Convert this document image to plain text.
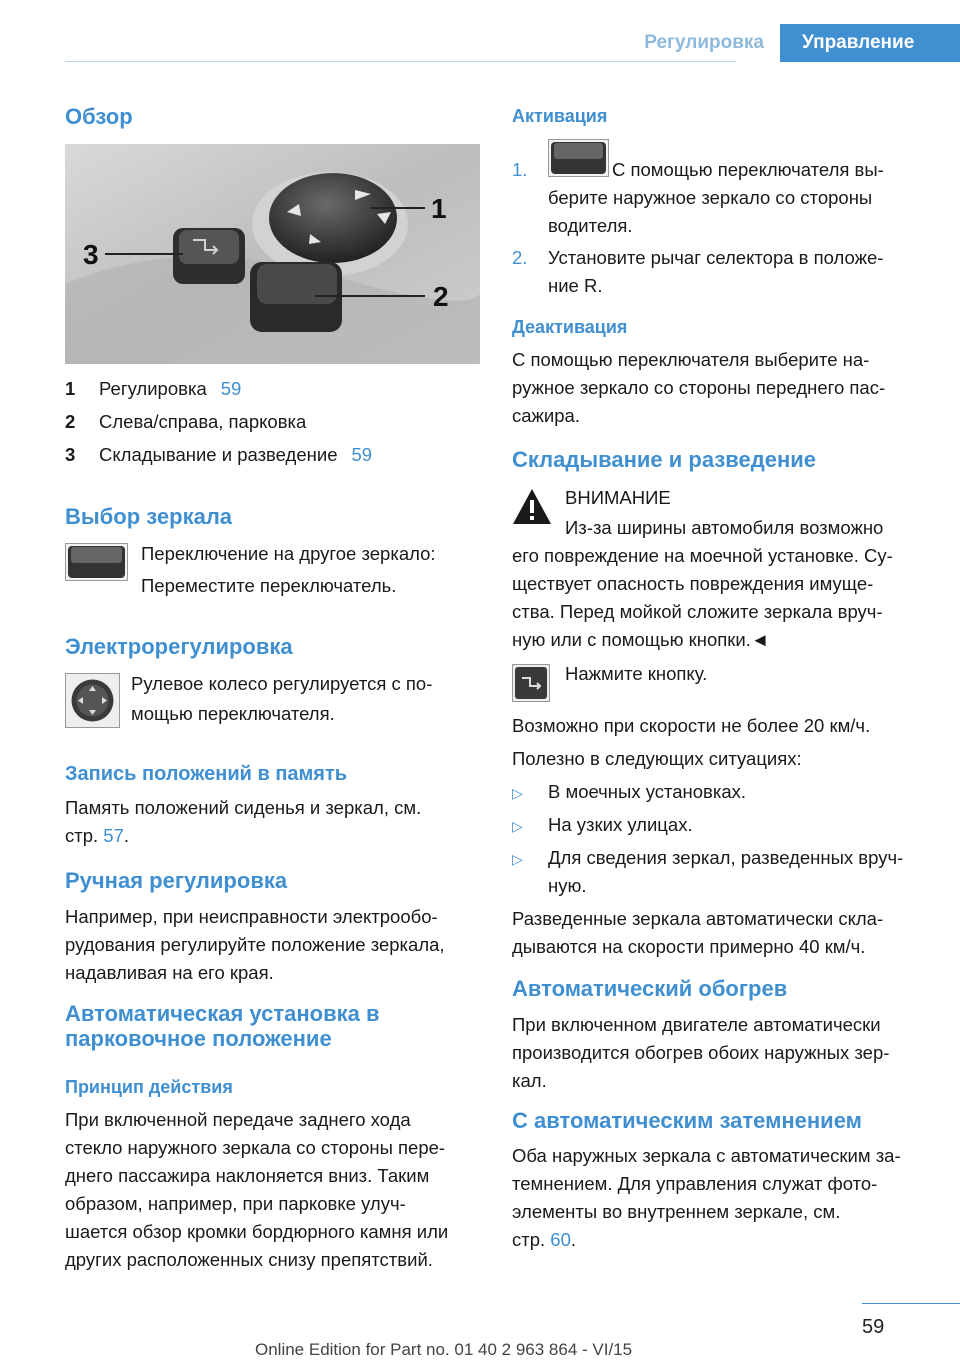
Регулировка	Управление
Обзор
1
2
3
1 Регулировка 59
2 Слева/справа, парковка
3 Складывание и разведение 59
Выбор зеркала
Переключение на другое зеркало:
Переместите переключатель.
Электрорегулировка
Рулевое колесо регулируется с по-
мощью переключателя.
Запись положений в память
Память положений сиденья и зеркал, см.
стр. 57.
Ручная регулировка
Например, при неисправности электрообо-
рудования регулируйте положение зеркала,
надавливая на его края.
Автоматическая установка в
парковочное положение
Принцип действия
При включенной передаче заднего хода
стекло наружного зеркала со стороны пере-
днего пассажира наклоняется вниз. Таким
образом, например, при парковке улуч-
шается обзор кромки бордюрного камня или
других расположенных снизу препятствий.
Активация
1.	С помощью переключателя вы-
берите наружное зеркало со стороны
водителя.
2.	Установите рычаг селектора в положе-
ние R.
Деактивация
С помощью переключателя выберите на-
ружное зеркало со стороны переднего пас-
сажира.
Складывание и разведение
ВНИМАНИЕ
Из-за ширины автомобиля возможно
его повреждение на моечной установке. Су-
ществует опасность повреждения имуще-
ства. Перед мойкой сложите зеркала вруч-
ную или с помощью кнопки.◄
Нажмите кнопку.
Возможно при скорости не более 20 км/ч.
Полезно в следующих ситуациях:
▷ В моечных установках.
▷ На узких улицах.
▷ Для сведения зеркал, разведенных вруч-
ную.
Разведенные зеркала автоматически скла-
дываются на скорости примерно 40 км/ч.
Автоматический обогрев
При включенном двигателе автоматически
производится обогрев обоих наружных зер-
кал.
С автоматическим затемнением
Оба наружных зеркала с автоматическим за-
темнением. Для управления служат фото-
элементы во внутреннем зеркале, см.
стр. 60.
59
Online Edition for Part no. 01 40 2 963 864 - VI/15
